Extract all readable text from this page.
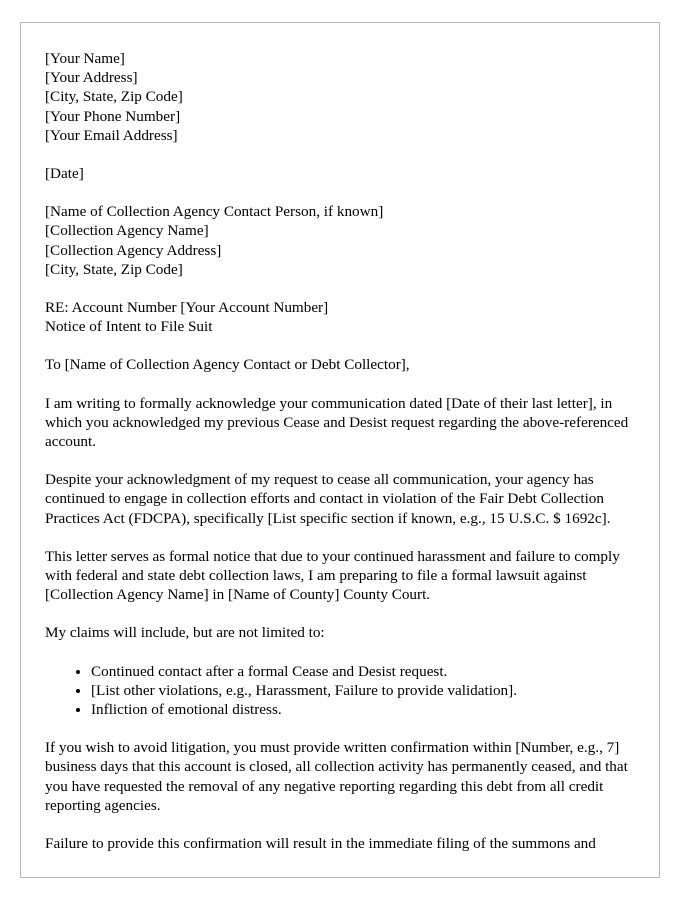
[Your Name]
[Your Address]
[City, State, Zip Code]
[Your Phone Number]
[Your Email Address]
[Date]
[Name of Collection Agency Contact Person, if known]
[Collection Agency Name]
[Collection Agency Address]
[City, State, Zip Code]
RE: Account Number [Your Account Number]
Notice of Intent to File Suit
To [Name of Collection Agency Contact or Debt Collector],

I am writing to formally acknowledge your communication dated [Date of their last letter], in which you acknowledged my previous Cease and Desist request regarding the above-referenced account.

Despite your acknowledgment of my request to cease all communication, your agency has continued to engage in collection efforts and contact in violation of the Fair Debt Collection Practices Act (FDCPA), specifically [List specific section if known, e.g., 15 U.S.C. $ 1692c].

This letter serves as formal notice that due to your continued harassment and failure to comply with federal and state debt collection laws, I am preparing to file a formal lawsuit against [Collection Agency Name] in [Name of County] County Court.

My claims will include, but are not limited to:

• Continued contact after a formal Cease and Desist request.
• [List other violations, e.g., Harassment, Failure to provide validation].
• Infliction of emotional distress.

If you wish to avoid litigation, you must provide written confirmation within [Number, e.g., 7] business days that this account is closed, all collection activity has permanently ceased, and that you have requested the removal of any negative reporting regarding this debt from all credit reporting agencies.

Failure to provide this confirmation will result in the immediate filing of the summons and
